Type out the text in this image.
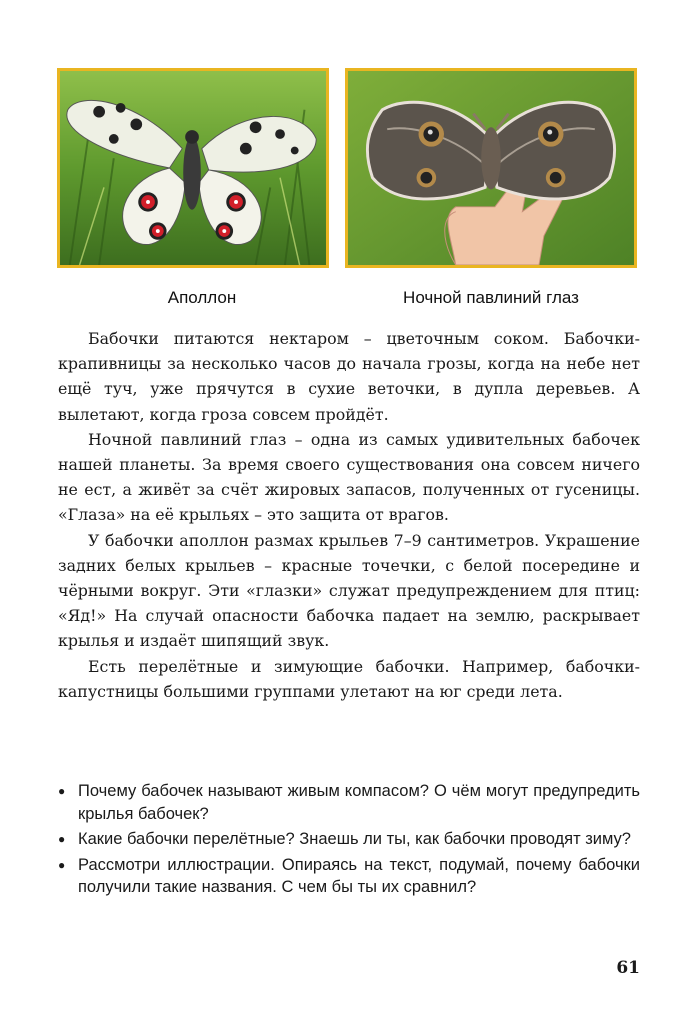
Аполлон	Ночной павлиний глаз

Бабочки питаются нектаром – цветочным соком. Бабочки-крапивницы за несколько часов до начала грозы, когда на небе нет ещё туч, уже прячутся в сухие веточки, в дупла деревьев. А вылетают, когда гроза совсем пройдёт.

Ночной павлиний глаз – одна из самых удивительных бабочек нашей планеты. За время своего существования она совсем ничего не ест, а живёт за счёт жировых запасов, полученных от гусеницы. «Глаза» на её крыльях – это защита от врагов.

У бабочки аполлон размах крыльев 7–9 сантиметров. Украшение задних белых крыльев – красные точечки, с белой посередине и чёрными вокруг. Эти «глазки» служат предупреждением для птиц: «Яд!» На случай опасности бабочка падает на землю, раскрывает крылья и издаёт шипящий звук.

Есть перелётные и зимующие бабочки. Например, бабочки-капустницы большими группами улетают на юг среди лета.

● Почему бабочек называют живым компасом? О чём могут предупредить крылья бабочек?
● Какие бабочки перелётные? Знаешь ли ты, как бабочки проводят зиму?
● Рассмотри иллюстрации. Опираясь на текст, подумай, почему бабочки получили такие названия. С чем бы ты их сравнил?
61
